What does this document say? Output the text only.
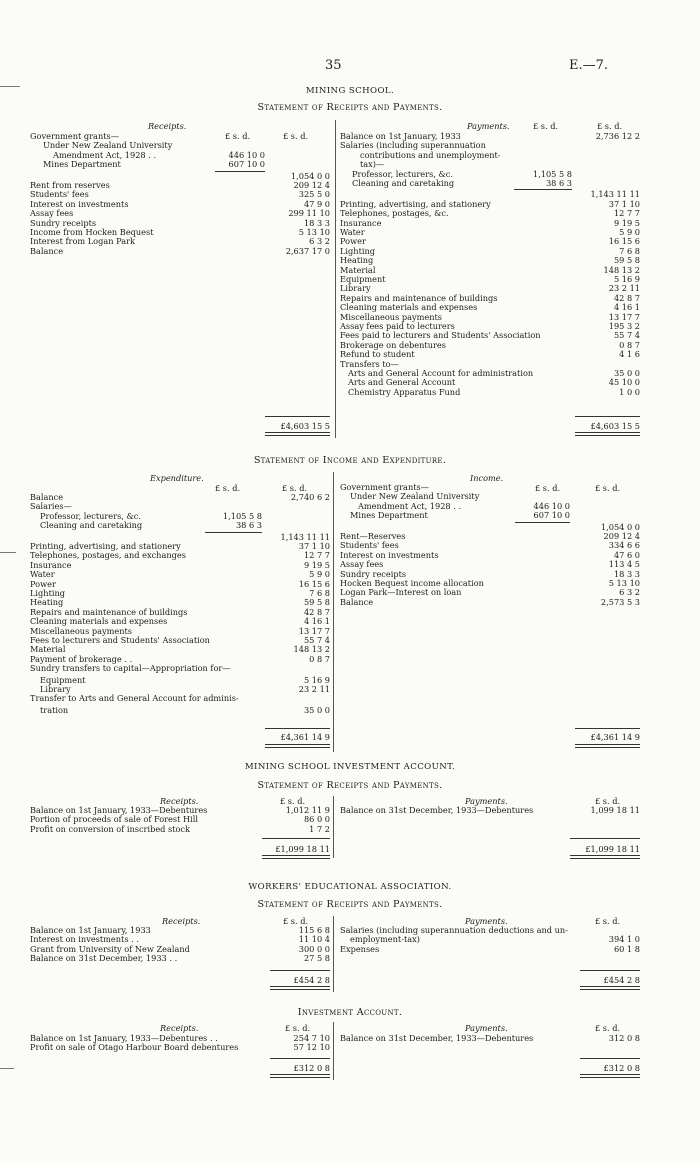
35	E.—7.
MINING SCHOOL.
Statement of Receipts and Payments.
Receipts.
£ s. d.	£ s. d.
Payments.	£ s. d.	£ s. d.
Government grants—
Under New Zealand University
Amendment Act, 1928 . .	446 10 0
Mines Department	607 10 0
1,054 0 0
Rent from reserves	209 12 4
Students' fees	325 5 0
Interest on investments	47 9 0
Assay fees	299 11 10
Sundry receipts	18 3 3
Income from Hocken Bequest	5 13 10
Interest from Logan Park	6 3 2
Balance	2,637 17 0
£4,603 15 5
Balance on 1st January, 1933	2,736 12 2
Salaries (including superannuation
contributions and unemployment-
tax)—
Professor, lecturers, &c.	1,105 5 8
Cleaning and caretaking	38 6 3
1,143 11 11
Printing, advertising, and stationery	37 1 10
Telephones, postages, &c.	12 7 7
Insurance	9 19 5
Water	5 9 0
Power	16 15 6
Lighting	7 6 8
Heating	59 5 8
Material	148 13 2
Equipment	5 16 9
Library	23 2 11
Repairs and maintenance of buildings	42 8 7
Cleaning materials and expenses	4 16 1
Miscellaneous payments	13 17 7
Assay fees paid to lecturers	195 3 2
Fees paid to lecturers and Students' Association	55 7 4
Brokerage on debentures	0 8 7
Refund to student	4 1 6
Transfers to—
Arts and General Account for administration	35 0 0
Arts and General Account	45 10 0
Chemistry Apparatus Fund	1 0 0
£4,603 15 5
Statement of Income and Expenditure.
Expenditure.
£ s. d.	£ s. d.
Income.
£ s. d.	£ s. d.
Balance	2,740 6 2
Salaries—
Professor, lecturers, &c.	1,105 5 8
Cleaning and caretaking	38 6 3
1,143 11 11
Printing, advertising, and stationery	37 1 10
Telephones, postages, and exchanges	12 7 7
Insurance	9 19 5
Water	5 9 0
Power	16 15 6
Lighting	7 6 8
Heating	59 5 8
Repairs and maintenance of buildings	42 8 7
Cleaning materials and expenses	4 16 1
Miscellaneous payments	13 17 7
Fees to lecturers and Students' Association	55 7 4
Material	148 13 2
Payment of brokerage . .	0 8 7
Sundry transfers to capital—Appropriation for—
Equipment	5 16 9
Library	23 2 11
Transfer to Arts and General Account for adminis-
tration	35 0 0
£4,361 14 9
Government grants—
Under New Zealand University
Amendment Act, 1928 . .	446 10 0
Mines Department	607 10 0
1,054 0 0
Rent—Reserves	209 12 4
Students' fees	334 6 6
Interest on investments	47 6 0
Assay fees	113 4 5
Sundry receipts	18 3 3
Hocken Bequest income allocation	5 13 10
Logan Park—Interest on loan	6 3 2
Balance	2,573 5 3
£4,361 14 9
MINING SCHOOL INVESTMENT ACCOUNT.
Statement of Receipts and Payments.
Receipts.	£ s. d.	Payments.	£ s. d.
Balance on 1st January, 1933—Debentures	1,012 11 9
Portion of proceeds of sale of Forest Hill	86 0 0
Profit on conversion of inscribed stock	1 7 2
Balance on 31st December, 1933—Debentures	1,099 18 11
£1,099 18 11	£1,099 18 11
WORKERS' EDUCATIONAL ASSOCIATION.
Statement of Receipts and Payments.
Receipts.	£ s. d.	Payments.	£ s. d.
Balance on 1st January, 1933	115 6 8
Interest on investments . .	11 10 4
Grant from University of New Zealand	300 0 0
Balance on 31st December, 1933 . .	27 5 8
Salaries (including superannuation deductions and un-
employment-tax)	394 1 0
Expenses	60 1 8
£454 2 8	£454 2 8
Investment Account.
Receipts.	£ s. d.	Payments.	£ s. d.
Balance on 1st January, 1933—Debentures . .	254 7 10
Profit on sale of Otago Harbour Board debentures	57 12 10
Balance on 31st December, 1933—Debentures	312 0 8
£312 0 8	£312 0 8
